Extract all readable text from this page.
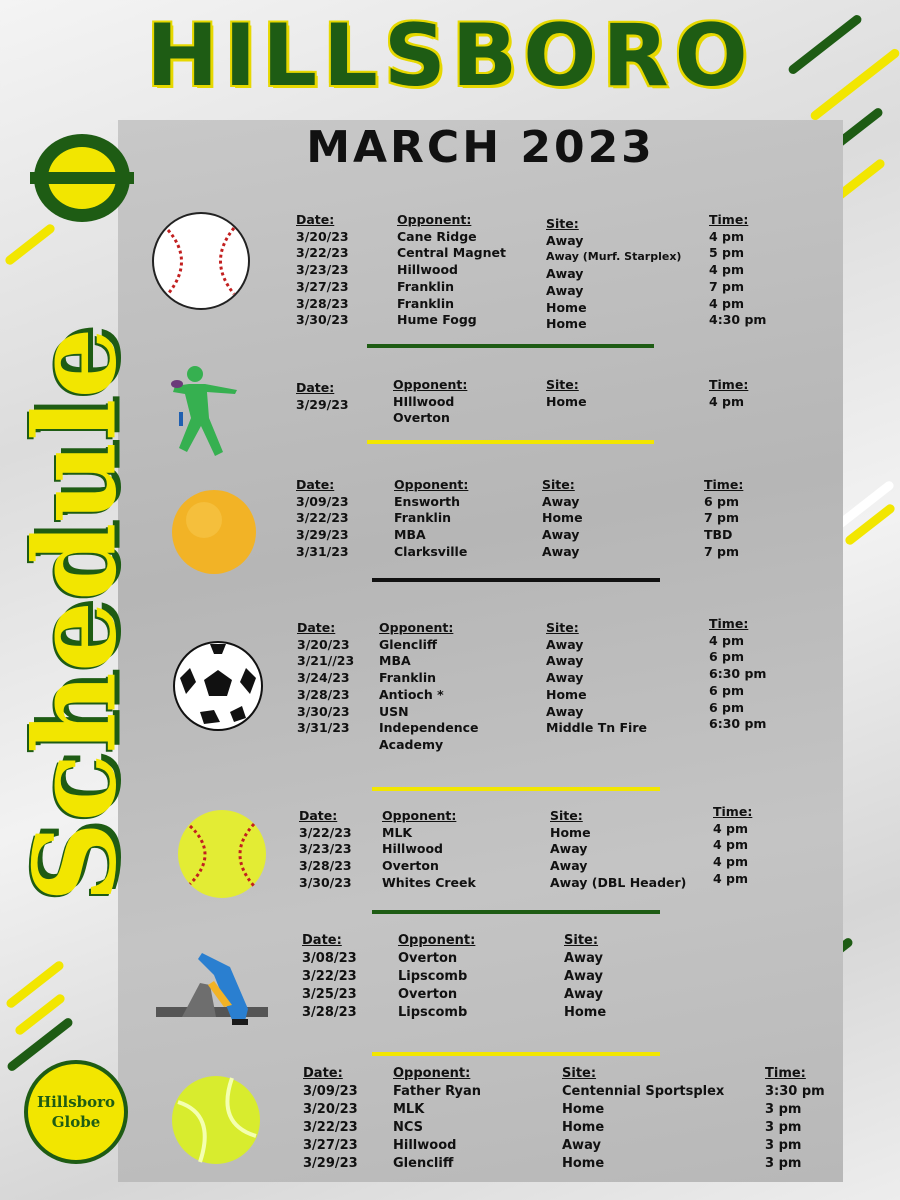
HILLSBORO
MARCH 2023
Schedule
Hillsboro
Globe
Date:
3/20/23
3/22/23
3/23/23
3/27/23
3/28/23
3/30/23
Opponent:
Cane Ridge
Central Magnet
Hillwood
Franklin
Franklin
Hume Fogg
Site:
Away
Away (Murf. Starplex)
Away
Away
Home
Home
Time:
4 pm
5 pm
4 pm
7 pm
4 pm
4:30 pm
Date:
3/29/23
Opponent:
HIllwood
Overton
Site:
Home
Time:
4 pm
Date:
3/09/23
3/22/23
3/29/23
3/31/23
Opponent:
Ensworth
Franklin
MBA
Clarksville
Site:
Away
Home
Away
Away
Time:
6 pm
7 pm
TBD
7 pm
Date:
3/20/23
3/21//23
3/24/23
3/28/23
3/30/23
3/31/23
Opponent:
Glencliff
MBA
Franklin
Antioch *
USN
Independence
Academy
Site:
Away
Away
Away
Home
Away
Middle Tn Fire
Time:
4 pm
6 pm
6:30 pm
6 pm
6 pm
6:30 pm
Date:
3/22/23
3/23/23
3/28/23
3/30/23
Opponent:
MLK
Hillwood
Overton
Whites Creek
Site:
Home
Away
Away
Away (DBL Header)
Time:
4 pm
4 pm
4 pm
4 pm
Date:
3/08/23
3/22/23
3/25/23
3/28/23
Opponent:
Overton
Lipscomb
Overton
Lipscomb
Site:
Away
Away
Away
Home
Date:
3/09/23
3/20/23
3/22/23
3/27/23
3/29/23
Opponent:
Father Ryan
MLK
NCS
Hillwood
Glencliff
Site:
Centennial Sportsplex
Home
Home
Away
Home
Time:
3:30 pm
3 pm
3 pm
3 pm
3 pm
